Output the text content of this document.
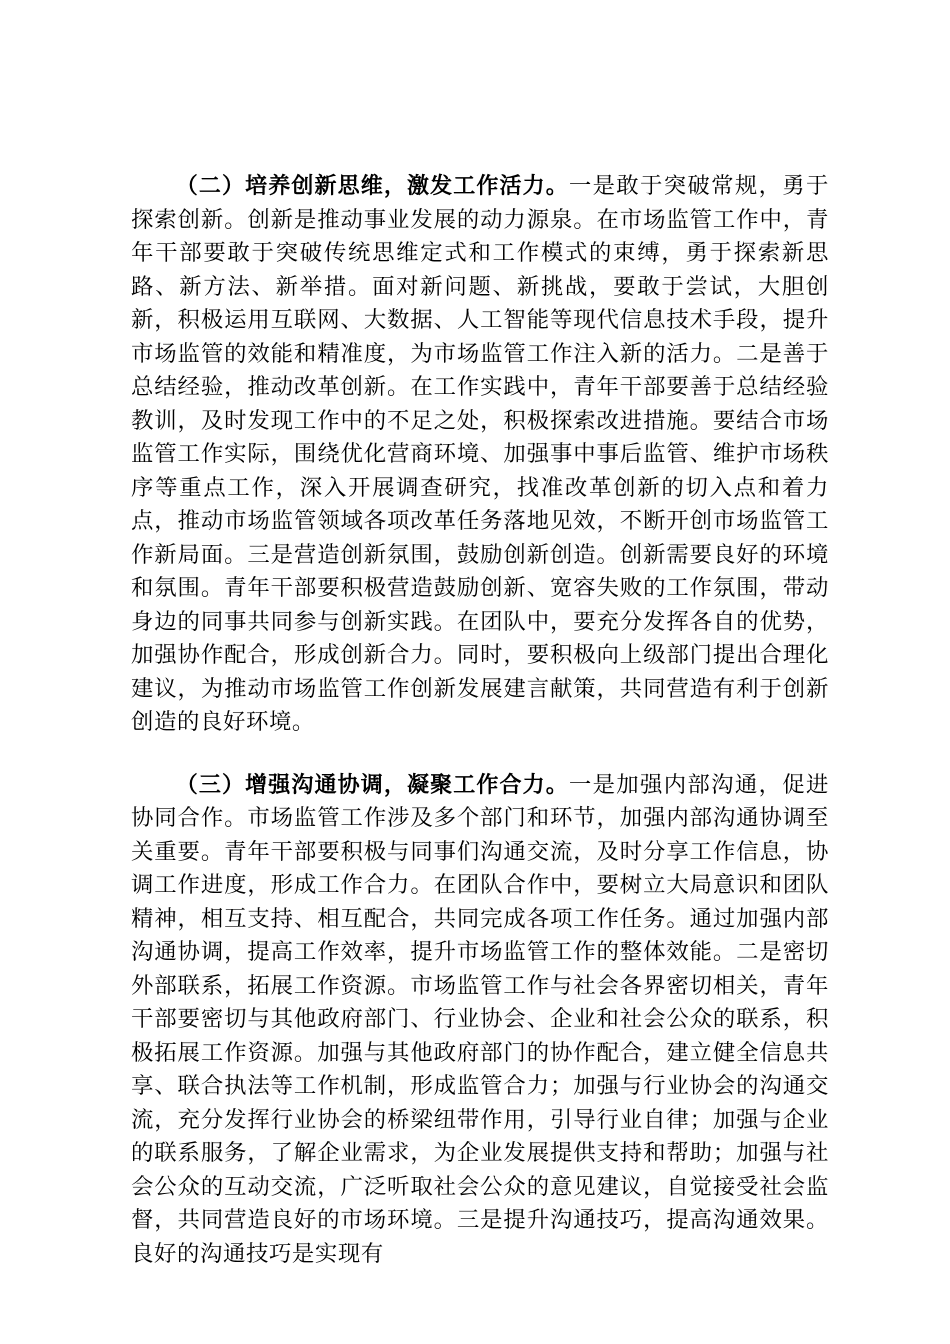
（二）培养创新思维，激发工作活力。一是敢于突破常规，勇于探索创新。创新是推动事业发展的动力源泉。在市场监管工作中，青年干部要敢于突破传统思维定式和工作模式的束缚，勇于探索新思路、新方法、新举措。面对新问题、新挑战，要敢于尝试，大胆创新，积极运用互联网、大数据、人工智能等现代信息技术手段，提升市场监管的效能和精准度，为市场监管工作注入新的活力。二是善于总结经验，推动改革创新。在工作实践中，青年干部要善于总结经验教训，及时发现工作中的不足之处，积极探索改进措施。要结合市场监管工作实际，围绕优化营商环境、加强事中事后监管、维护市场秩序等重点工作，深入开展调查研究，找准改革创新的切入点和着力点，推动市场监管领域各项改革任务落地见效，不断开创市场监管工作新局面。三是营造创新氛围，鼓励创新创造。创新需要良好的环境和氛围。青年干部要积极营造鼓励创新、宽容失败的工作氛围，带动身边的同事共同参与创新实践。在团队中，要充分发挥各自的优势，加强协作配合，形成创新合力。同时，要积极向上级部门提出合理化建议，为推动市场监管工作创新发展建言献策，共同营造有利于创新创造的良好环境。

（三）增强沟通协调，凝聚工作合力。一是加强内部沟通，促进协同合作。市场监管工作涉及多个部门和环节，加强内部沟通协调至关重要。青年干部要积极与同事们沟通交流，及时分享工作信息，协调工作进度，形成工作合力。在团队合作中，要树立大局意识和团队精神，相互支持、相互配合，共同完成各项工作任务。通过加强内部沟通协调，提高工作效率，提升市场监管工作的整体效能。二是密切外部联系，拓展工作资源。市场监管工作与社会各界密切相关，青年干部要密切与其他政府部门、行业协会、企业和社会公众的联系，积极拓展工作资源。加强与其他政府部门的协作配合，建立健全信息共享、联合执法等工作机制，形成监管合力；加强与行业协会的沟通交流，充分发挥行业协会的桥梁纽带作用，引导行业自律；加强与企业的联系服务，了解企业需求，为企业发展提供支持和帮助；加强与社会公众的互动交流，广泛听取社会公众的意见建议，自觉接受社会监督，共同营造良好的市场环境。三是提升沟通技巧，提高沟通效果。良好的沟通技巧是实现有
